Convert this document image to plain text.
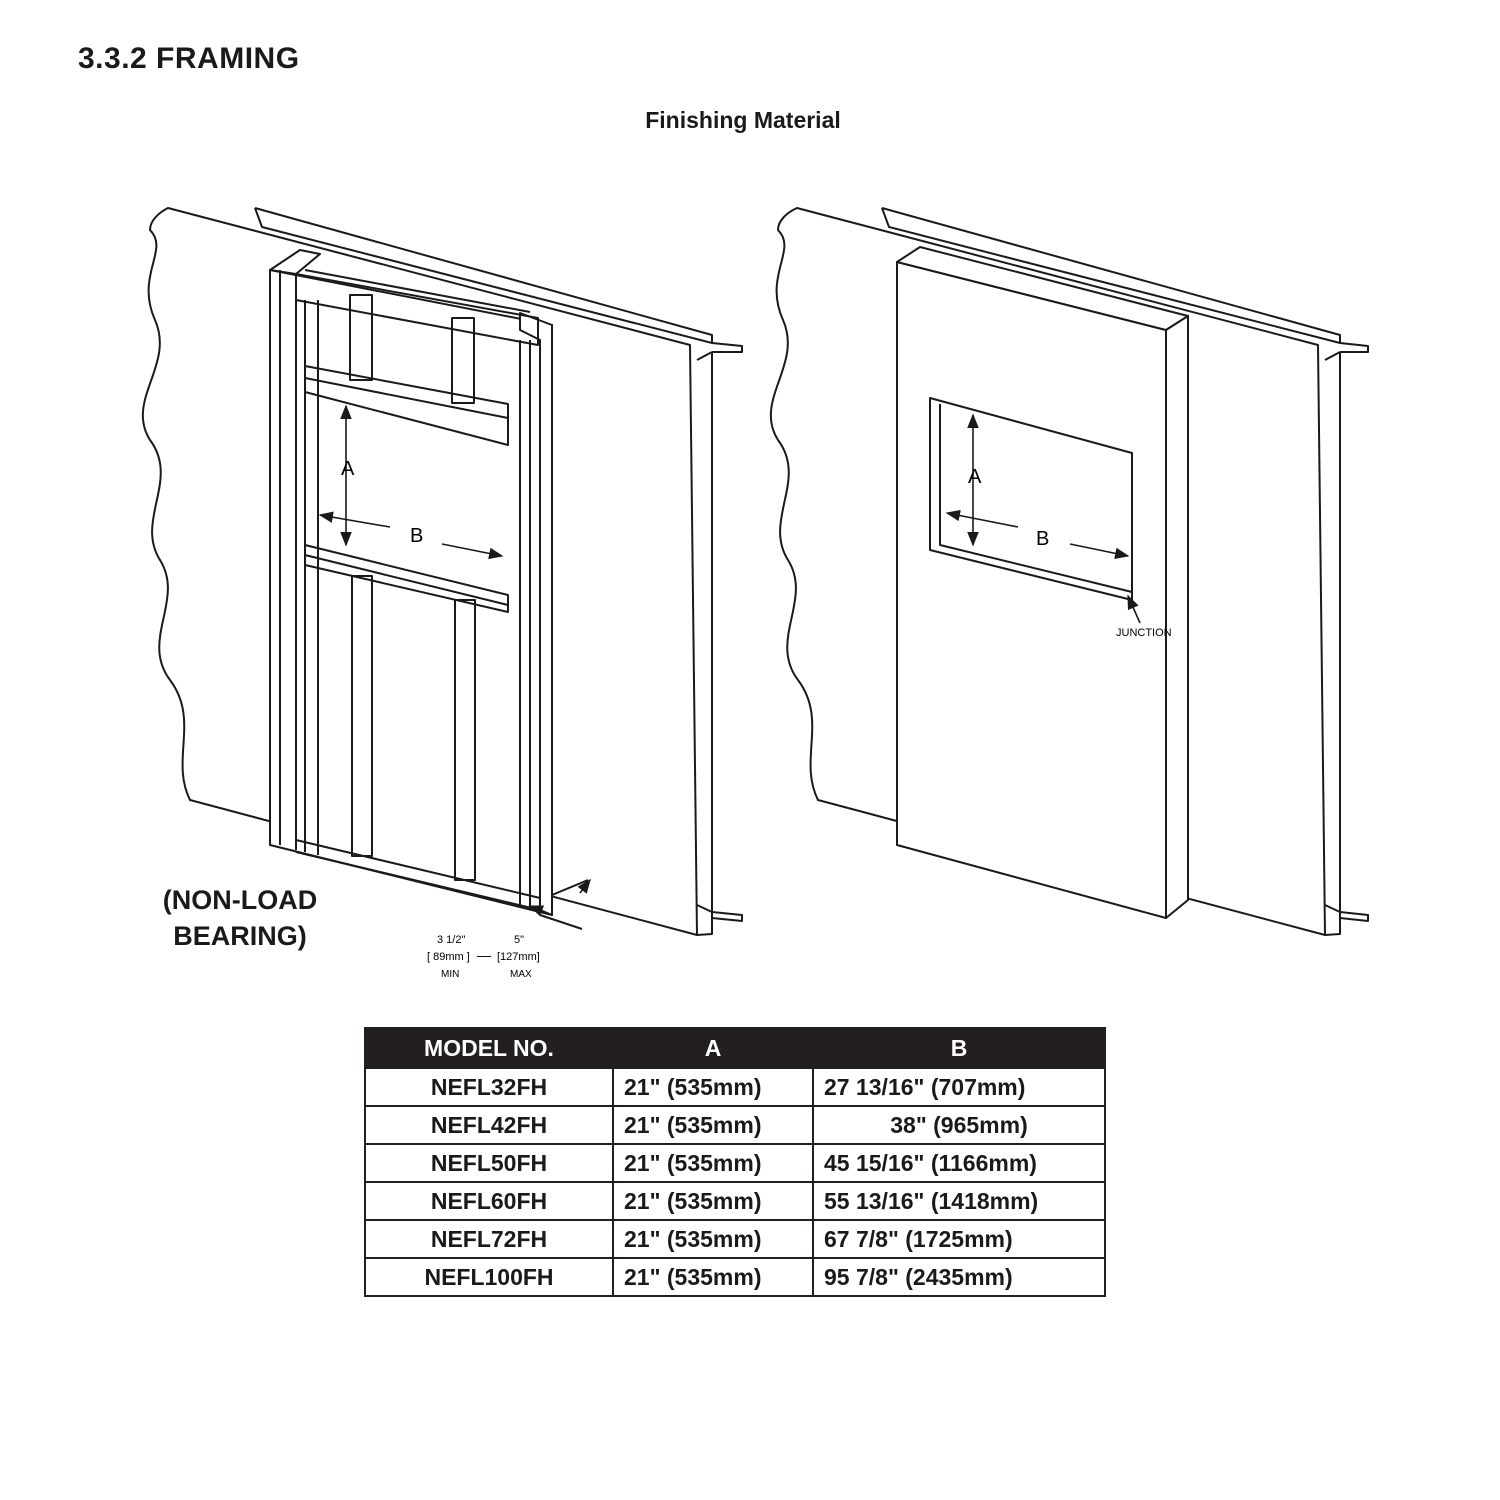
3.3.2 FRAMING
Finishing Material
A
B
3 1/2"
[ 89mm ]
MIN
—
5"
[127mm]
MAX
A
B
JUNCTION
(NON-LOAD
BEARING)
MODEL NO.	A	B
NEFL32FH	21" (535mm)	27 13/16" (707mm)
NEFL42FH	21" (535mm)	38" (965mm)
NEFL50FH	21" (535mm)	45 15/16" (1166mm)
NEFL60FH	21" (535mm)	55 13/16" (1418mm)
NEFL72FH	21" (535mm)	67 7/8" (1725mm)
NEFL100FH	21" (535mm)	95 7/8" (2435mm)
